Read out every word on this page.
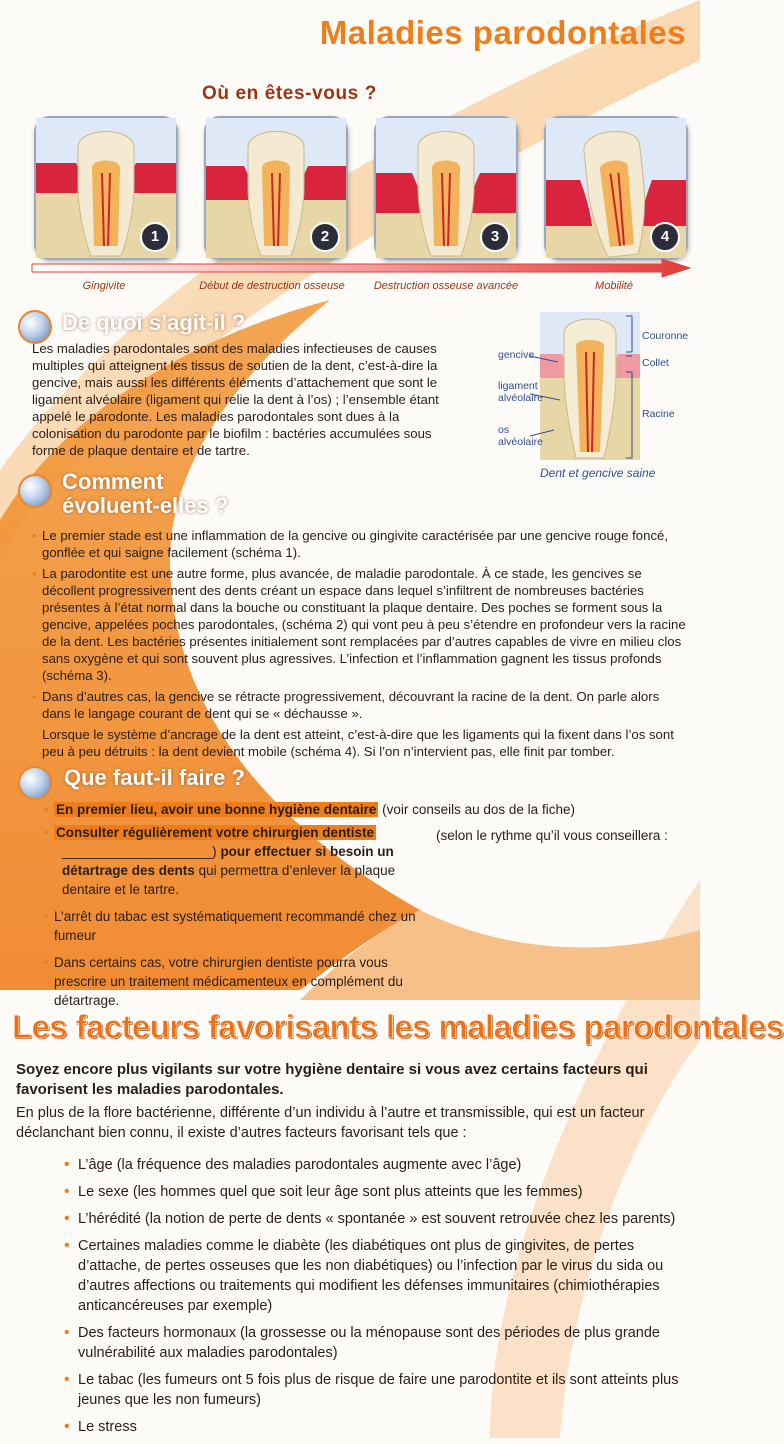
Maladies parodontales
Où en êtes-vous ?
1	2	3	4
Gingivite	Début de destruction osseuse	Destruction osseuse avancée	Mobilité
De quoi s’agit-il ?
Les maladies parodontales sont des maladies infectieuses de causes multiples qui atteignent les tissus de soutien de la dent, c’est-à-dire la gencive, mais aussi les différents éléments d’attachement que sont le ligament alvéolaire (ligament qui relie la dent à l’os) ; l’ensemble étant appelé le parodonte. Les maladies parodontales sont dues à la colonisation du parodonte par le biofilm : bactéries accumulées sous forme de plaque dentaire et de tartre.
gencive
ligament
alvéolaire
os
alvéolaire
Couronne
Collet
Racine
Dent et gencive saine
Comment
évoluent-elles ?

• Le premier stade est une inflammation de la gencive ou gingivite caractérisée par une gencive rouge foncé, gonflée et qui saigne facilement (schéma 1).

• La parodontite est une autre forme, plus avancée, de maladie parodontale. À ce stade, les gencives se décollent progressivement des dents créant un espace dans lequel s’infiltrent de nombreuses bactéries présentes à l’état normal dans la bouche ou constituant la plaque dentaire. Des poches se forment sous la gencive, appelées poches parodontales, (schéma 2) qui vont peu à peu s’étendre en profondeur vers la racine de la dent. Les bactéries présentes initialement sont remplacées par d’autres capables de vivre en milieu clos sans oxygène et qui sont souvent plus agressives. L’infection et l’inflammation gagnent les tissus profonds (schéma 3).

• Dans d’autres cas, la gencive se rétracte progressivement, découvrant la racine de la dent. On parle alors dans le langage courant de dent qui se « déchausse ».

Lorsque le système d’ancrage de la dent est atteint, c’est-à-dire que les ligaments qui la fixent dans l’os sont peu à peu détruits : la dent devient mobile (schéma 4). Si l’on n’intervient pas, elle finit par tomber.

Que faut-il faire ?
• En premier lieu, avoir une bonne hygiène dentaire (voir conseils au dos de la fiche)
• Consulter régulièrement votre chirurgien dentiste	(selon le rythme qu’il vous conseillera :
____________________) pour effectuer si besoin un détartrage des dents qui permettra d’enlever la plaque dentaire et le tartre.
• L’arrêt du tabac est systématiquement recommandé chez un fumeur
• Dans certains cas, votre chirurgien dentiste pourra vous prescrire un traitement médicamenteux en complément du détartrage.
Les facteurs favorisants les maladies parodontales
Soyez encore plus vigilants sur votre hygiène dentaire si vous avez certains facteurs qui favorisent les maladies parodontales.
En plus de la flore bactérienne, différente d’un individu à l’autre et transmissible, qui est un facteur déclanchant bien connu, il existe d’autres facteurs favorisant tels que :
• L’âge (la fréquence des maladies parodontales augmente avec l’âge)
• Le sexe (les hommes quel que soit leur âge sont plus atteints que les femmes)
• L’hérédité (la notion de perte de dents « spontanée » est souvent retrouvée chez les parents)
• Certaines maladies comme le diabète (les diabétiques ont plus de gingivites, de pertes d’attache, de pertes osseuses que les non diabétiques) ou l’infection par le virus du sida ou d’autres affections ou traitements qui modifient les défenses immunitaires (chimiothérapies anticancéreuses par exemple)
• Des facteurs hormonaux (la grossesse ou la ménopause sont des périodes de plus grande vulnérabilité aux maladies parodontales)
• Le tabac (les fumeurs ont 5 fois plus de risque de faire une parodontite et ils sont atteints plus jeunes que les non fumeurs)
• Le stress
